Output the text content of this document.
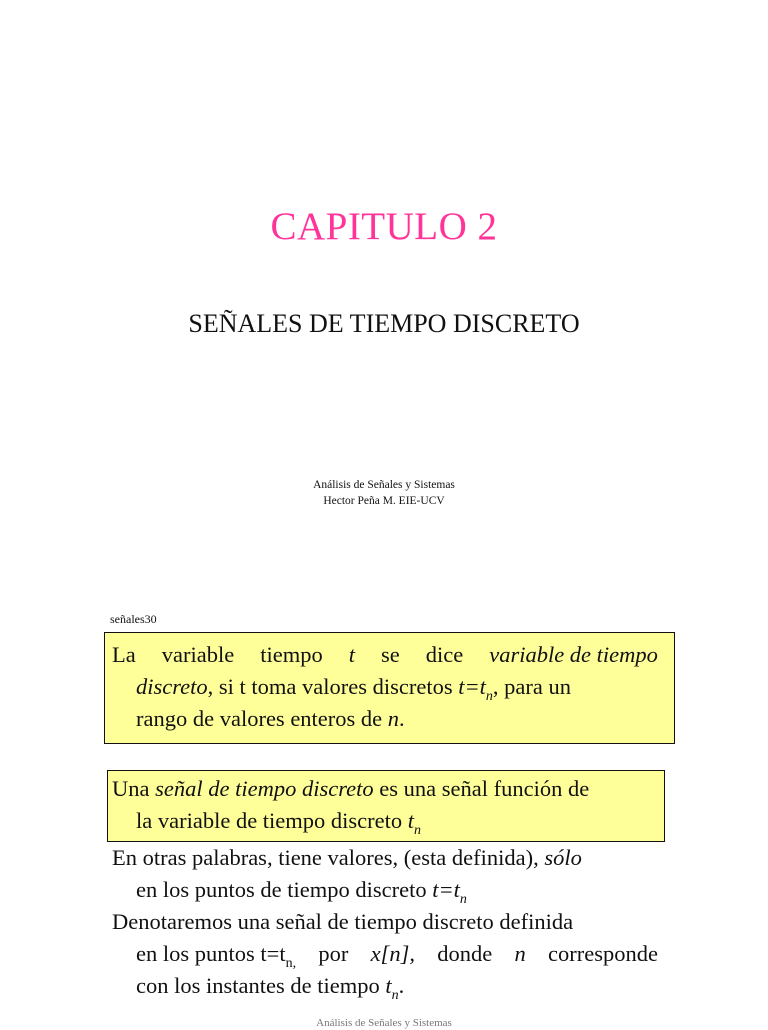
CAPITULO 2
SEÑALES DE TIEMPO DISCRETO
Análisis de Señales y Sistemas
Hector Peña M. EIE-UCV
señales30
La variable tiempo t se dice variable de tiempo
discreto, si t toma valores discretos $t=t_n$, para un
rango de valores enteros de n.
Una señal de tiempo discreto es una señal función de
la variable de tiempo discreto $t_n$
En otras palabras, tiene valores, (esta definida), sólo
en los puntos de tiempo discreto $t=t_n$
Denotaremos una señal de tiempo discreto definida
en los puntos $t=t_{n,}$ por x[n], donde n corresponde
con los instantes de tiempo $t_n$.
Análisis de Señales y Sistemas
